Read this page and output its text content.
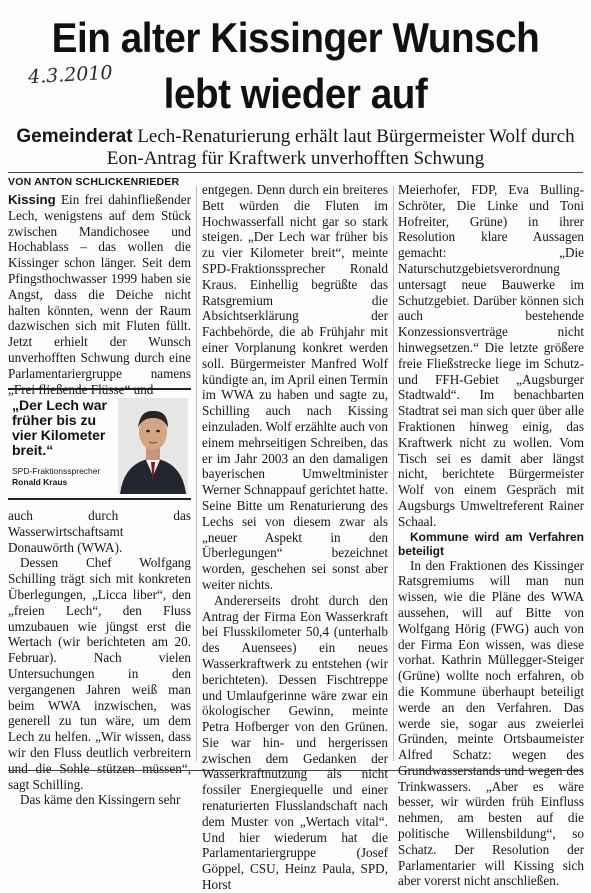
Ein alter Kissinger Wunsch
lebt wieder auf
4.3.2010
Gemeinderat Lech-Renaturierung erhält laut Bürgermeister Wolf durch
Eon-Antrag für Kraftwerk unverhofften Schwung
VON ANTON SCHLICKENRIEDER

Kissing Ein frei dahinfließender Lech, wenigstens auf dem Stück zwischen Mandichosee und Hochablass – das wollen die Kissinger schon länger. Seit dem Pfingsthochwasser 1999 haben sie Angst, dass die Deiche nicht halten könnten, wenn der Raum dazwischen sich mit Fluten füllt. Jetzt erhielt der Wunsch unverhofften Schwung durch eine Parlamentariergruppe namens „Frei fließende Flüsse“ und

„Der Lech war früher bis zu vier Kilometer breit.“
SPD-Fraktionssprecher
Ronald Kraus

auch durch das Wasserwirtschaftsamt Donauwörth (WWA).

Dessen Chef Wolfgang Schilling trägt sich mit konkreten Überlegungen, „Licca liber“, den „freien Lech“, den Fluss umzubauen wie jüngst erst die Wertach (wir berichteten am 20. Februar). Nach vielen Untersuchungen in den vergangenen Jahren weiß man beim WWA inzwischen, was generell zu tun wäre, um dem Lech zu helfen. „Wir wissen, dass wir den Fluss deutlich verbreitern und die Sohle stützen müssen“, sagt Schilling.

Das käme den Kissingern sehr

entgegen. Denn durch ein breiteres Bett würden die Fluten im Hochwasserfall nicht gar so stark steigen. „Der Lech war früher bis zu vier Kilometer breit“, meinte SPD-Fraktionssprecher Ronald Kraus. Einhellig begrüßte das Ratsgremium die Absichtserklärung der Fachbehörde, die ab Frühjahr mit einer Vorplanung konkret werden soll. Bürgermeister Manfred Wolf kündigte an, im April einen Termin im WWA zu haben und sagte zu, Schilling auch nach Kissing einzuladen. Wolf erzählte auch von einem mehrseitigen Schreiben, das er im Jahr 2003 an den damaligen bayerischen Umweltminister Werner Schnappauf gerichtet hatte. Seine Bitte um Renaturierung des Lechs sei von diesem zwar als „neuer Aspekt in den Überlegungen“ bezeichnet worden, geschehen sei sonst aber weiter nichts.

Andererseits droht durch den Antrag der Firma Eon Wasserkraft bei Flusskilometer 50,4 (unterhalb des Auensees) ein neues Wasserkraftwerk zu entstehen (wir berichteten). Dessen Fischtreppe und Umlaufgerinne wäre zwar ein ökologischer Gewinn, meinte Petra Hofberger von den Grünen. Sie war hin- und hergerissen zwischen dem Gedanken der Wasserkraftnutzung als nicht fossiler Energiequelle und einer renaturierten Flusslandschaft nach dem Muster von „Wertach vital“. Und hier wiederum hat die Parlamentariergruppe (Josef Göppel, CSU, Heinz Paula, SPD, Horst

Meierhofer, FDP, Eva Bulling-Schröter, Die Linke und Toni Hofreiter, Grüne) in ihrer Resolution klare Aussagen gemacht: „Die Naturschutzgebietsverordnung untersagt neue Bauwerke im Schutzgebiet. Darüber können sich auch bestehende Konzessionsverträge nicht hinwegsetzen.“ Die letzte größere freie Fließstrecke liege im Schutz- und FFH-Gebiet „Augsburger Stadtwald“. Im benachbarten Stadtrat sei man sich quer über alle Fraktionen hinweg einig, das Kraftwerk nicht zu wollen. Vom Tisch sei es damit aber längst nicht, berichtete Bürgermeister Wolf von einem Gespräch mit Augsburgs Umweltreferent Rainer Schaal.

Kommune wird am Verfahren beteiligt

In den Fraktionen des Kissinger Ratsgremiums will man nun wissen, wie die Pläne des WWA aussehen, will auf Bitte von Wolfgang Hörig (FWG) auch von der Firma Eon wissen, was diese vorhat. Kathrin Müllegger-Steiger (Grüne) wollte noch erfahren, ob die Kommune überhaupt beteiligt werde an den Verfahren. Das werde sie, sogar aus zweierlei Gründen, meinte Ortsbaumeister Alfred Schatz: wegen des Grundwasserstands und wegen des Trinkwassers. „Aber es wäre besser, wir würden früh Einfluss nehmen, am besten auf die politische Willensbildung“, so Schatz. Der Resolution der Parlamentarier will Kissing sich aber vorerst nicht anschließen.
